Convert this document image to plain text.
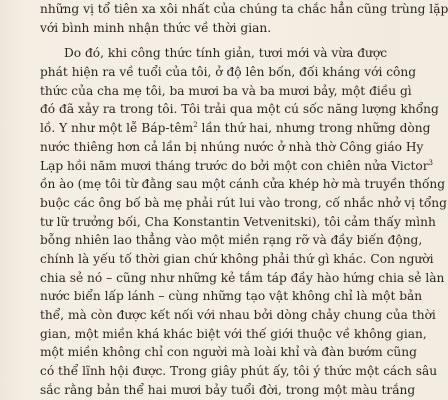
những vị tổ tiên xa xôi nhất của chúng ta chắc hẳn cũng trùng lặp
với bình minh nhận thức về thời gian.
Do đó, khi công thức tính giản, tươi mới và vừa được
phát hiện ra về tuổi của tôi, ở độ lên bốn, đối kháng với công
thức của cha mẹ tôi, ba mươi ba và ba mươi bảy, một điều gì
đó đã xảy ra trong tôi. Tôi trải qua một cú sốc năng lượng khổng
lồ. Y như một lễ Báp-têm$^2$ lần thứ hai, nhưng trong những dòng
nước thiêng hơn cả lần bị nhúng nước ở nhà thờ Công giáo Hy
Lạp hồi năm mươi tháng trước do bởi một con chiên nửa Victor$^3$
ồn ào (mẹ tôi từ đằng sau một cánh cửa khép hờ mà truyền thống
buộc các ông bố bà mẹ phải rút lui vào trong, cố nhắc nhở vị tổng
tư lữ trưởng bối, Cha Konstantin Vetvenitski), tôi cảm thấy mình
bỗng nhiên lao thẳng vào một miền rạng rỡ và đầy biến động,
chính là yếu tố thời gian chứ không phải thứ gì khác. Con người
chia sẻ nó – cũng như những kẻ tắm táp đầy hào hứng chia sẻ làn
nước biển lấp lánh – cùng những tạo vật không chỉ là một bản
thể, mà còn được kết nối với nhau bởi dòng chảy chung của thời
gian, một miền khá khác biệt với thế giới thuộc về không gian,
một miền không chỉ con người mà loài khỉ và đàn bướm cũng
có thể lĩnh hội được. Trong giây phút ấy, tôi ý thức một cách sâu
sắc rằng bản thể hai mươi bảy tuổi đời, trong một màu trắng
